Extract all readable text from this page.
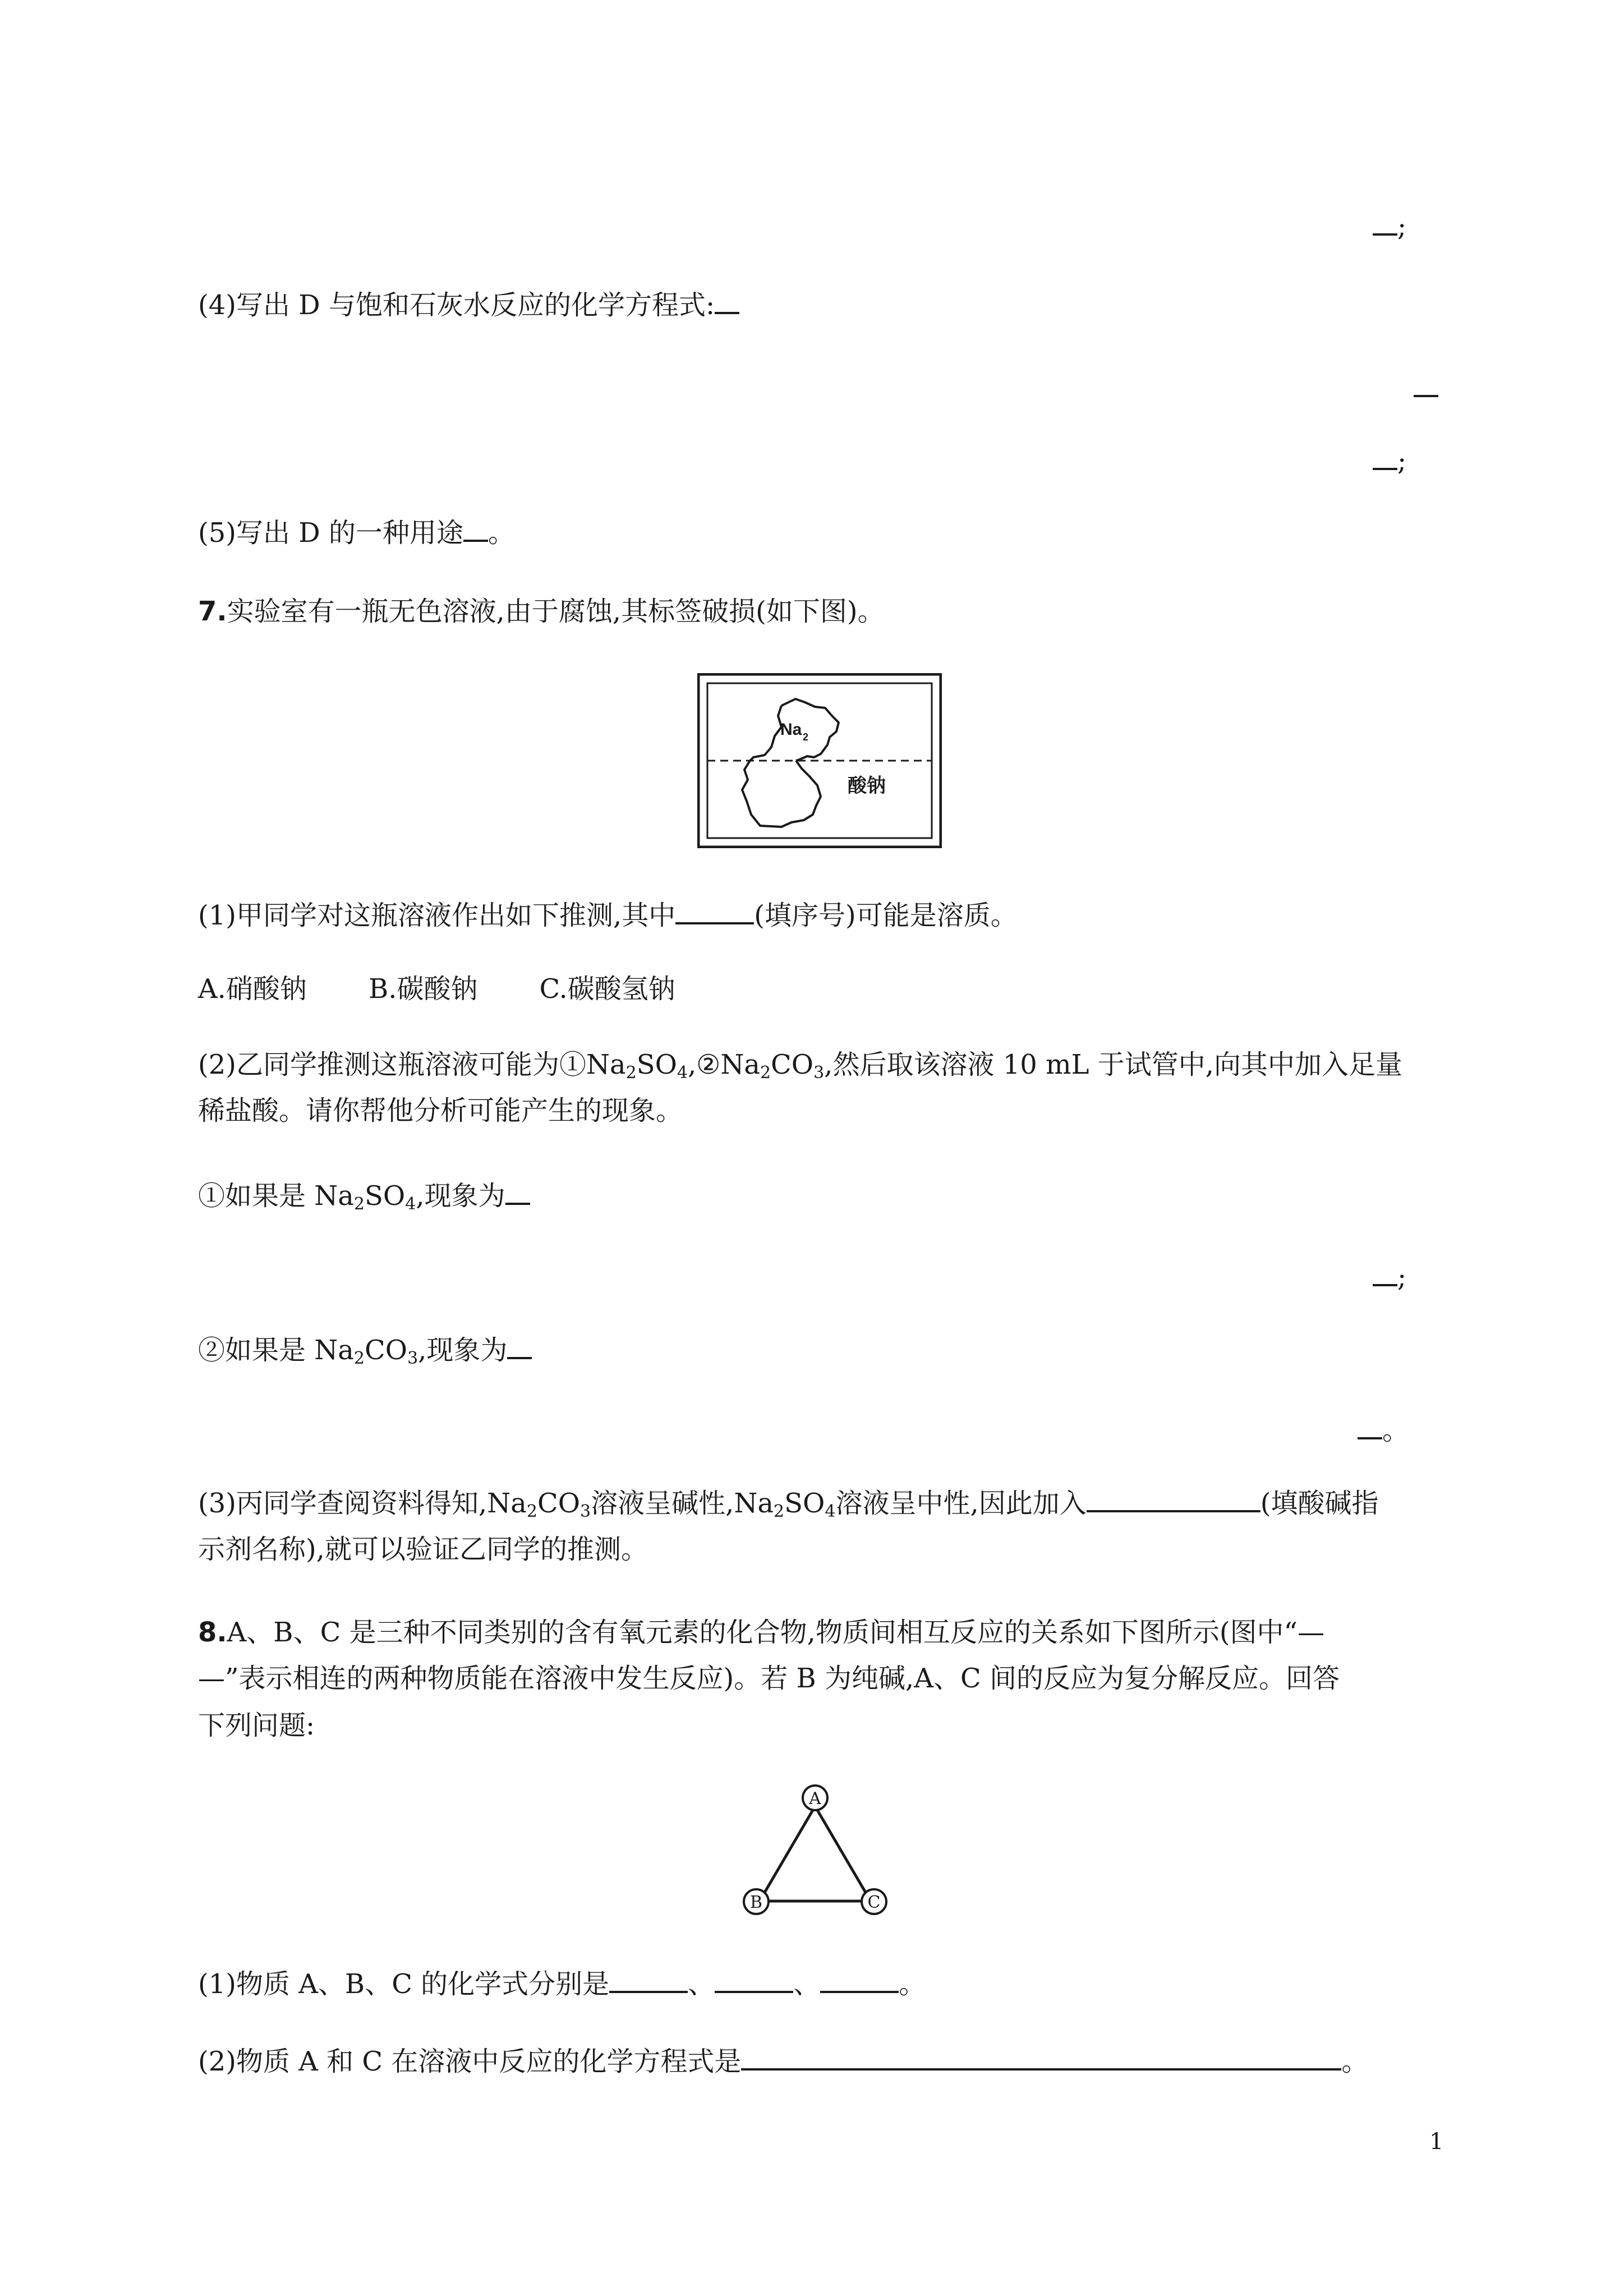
;

(4)写出 D 与饱和石灰水反应的化学方程式:

;

(5)写出 D 的一种用途 。

7.实验室有一瓶无色溶液,由于腐蚀,其标签破损(如下图)。

Na 2
酸钠

(1)甲同学对这瓶溶液作出如下推测,其中	(填序号)可能是溶质。

A.硝酸钠 B.碳酸钠 C.碳酸氢钠

(2)乙同学推测这瓶溶液可能为$①Na_2SO_4,②Na_2CO_3$,然后取该溶液 10 mL 于试管中,向其中加入足量

稀盐酸。请你帮他分析可能产生的现象。

①如果是 $Na_2SO_4$,现象为

;

②如果是 $Na_2CO_3$,现象为

。

(3)丙同学查阅资料得知$,Na_2CO_3$溶液呈碱性$,Na_2SO_4$溶液呈中性,因此加入	(填酸碱指

示剂名称),就可以验证乙同学的推测。

8.A、B、C 是三种不同类别的含有氧元素的化合物,物质间相互反应的关系如下图所示(图中“—

—”表示相连的两种物质能在溶液中发生反应)。若 B 为纯碱,A、C 间的反应为复分解反应。回答

下列问题:

A
B	C

(1)物质 A、B、C 的化学式分别是	、	、	。

(2)物质 A 和 C 在溶液中反应的化学方程式是	。

1
